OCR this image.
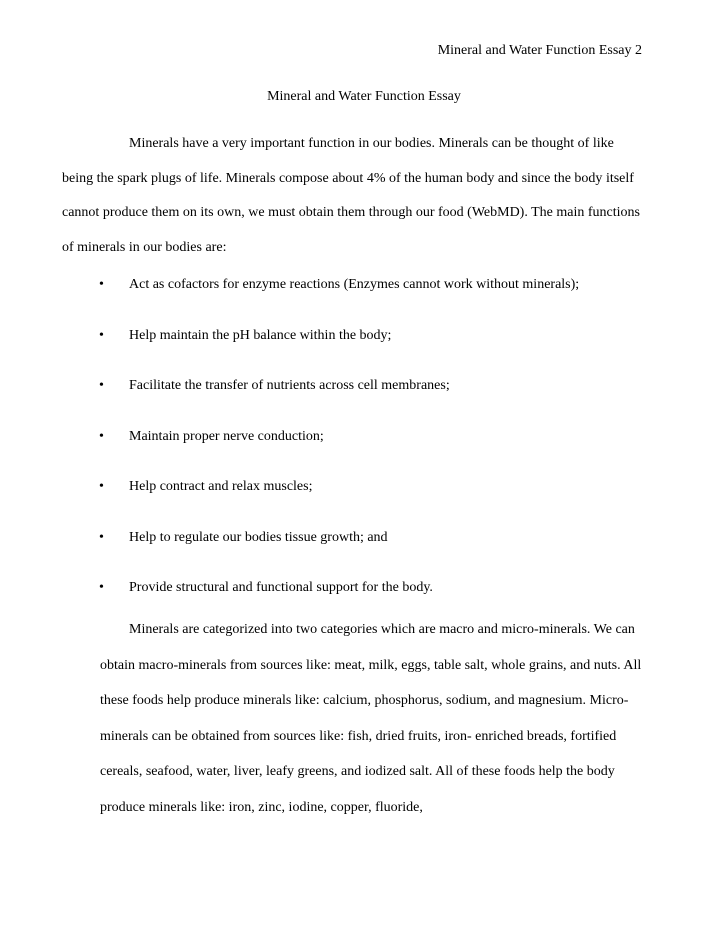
Mineral and Water Function Essay 2
Mineral and Water Function Essay

Minerals have a very important function in our bodies. Minerals can be thought of like being the spark plugs of life. Minerals compose about 4% of the human body and since the body itself cannot produce them on its own, we must obtain them through our food (WebMD). The main functions of minerals in our bodies are:

• Act as cofactors for enzyme reactions (Enzymes cannot work without minerals);
• Help maintain the pH balance within the body;
• Facilitate the transfer of nutrients across cell membranes;
• Maintain proper nerve conduction;
• Help contract and relax muscles;
• Help to regulate our bodies tissue growth; and
• Provide structural and functional support for the body.

Minerals are categorized into two categories which are macro and micro-minerals. We can obtain macro-minerals from sources like: meat, milk, eggs, table salt, whole grains, and nuts. All these foods help produce minerals like: calcium, phosphorus, sodium, and magnesium. Micro-minerals can be obtained from sources like: fish, dried fruits, iron- enriched breads, fortified cereals, seafood, water, liver, leafy greens, and iodized salt. All of these foods help the body produce minerals like: iron, zinc, iodine, copper, fluoride,
